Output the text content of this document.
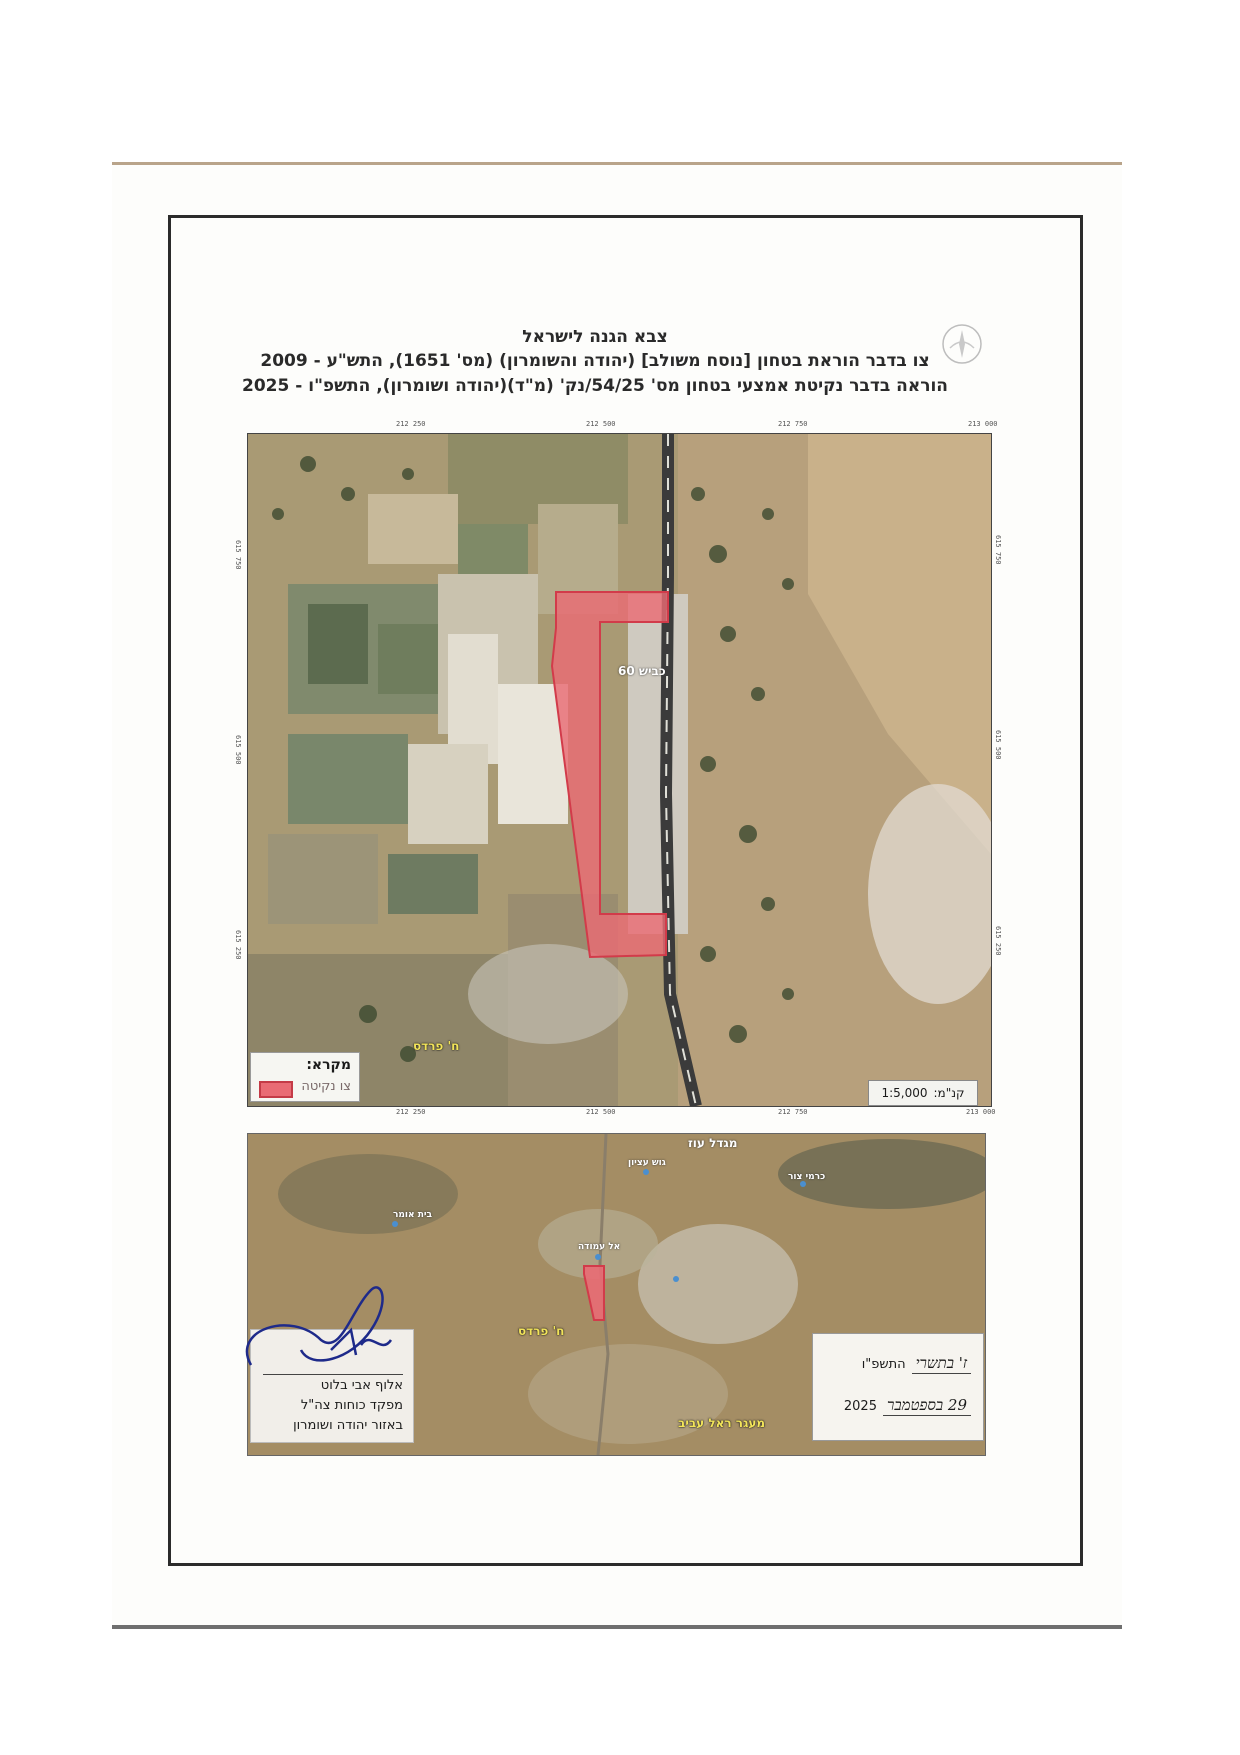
צבא הגנה לישראל
צו בדבר הוראת בטחון [נוסח משולב] (יהודה והשומרון) (מס' 1651), התש"ע - 2009
הוראה בדבר נקיטת אמצעי בטחון מס' 54/25/נק' (מ"ד)(יהודה ושומרון), התשפ"ו - 2025
212 250	212 500	212 750	213 000
212 250	212 500	212 750	213 000
615 750
615 500
615 250
615 750
615 500
615 250
כביש 60
ח' פרדס
מקרא:
צו נקיטה	קנ"מ:
1:5,000
מגדל עוז
ח' פרדס
מעגר ראל עביב
גוש עציון
כרמי צור
בית אומר
אל עמודה
אלוף אבי בלוט
מפקד כוחות צה"ל
באזור יהודה ושומרון
ז' בתשרי
התשפ"ו
29 בספטמבר
2025
